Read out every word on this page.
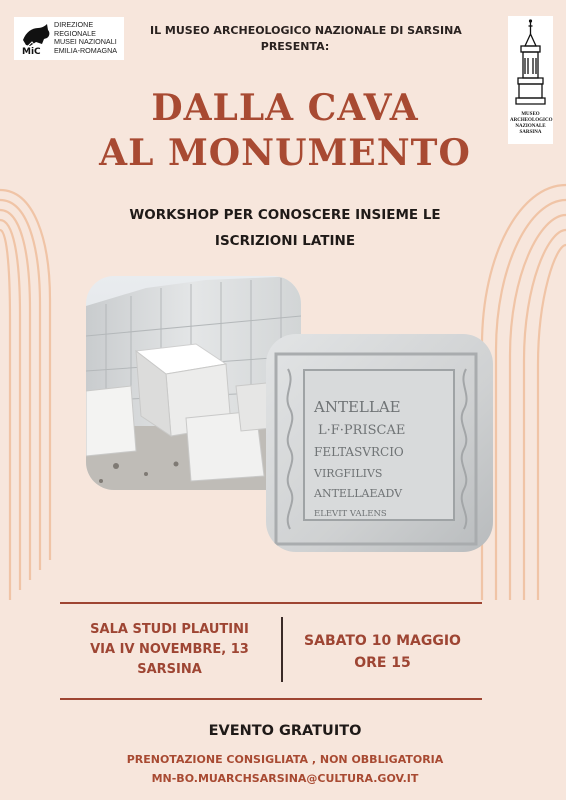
MiC
DIREZIONE
REGIONALE
MUSEI NAZIONALI
EMILIA-ROMAGNA
MUSEO
ARCHEOLOGICO
NAZIONALE
SARSINA
IL MUSEO ARCHEOLOGICO NAZIONALE DI SARSINA
PRESENTA:
DALLA CAVA
AL MONUMENTO
WORKSHOP PER CONOSCERE INSIEME LE
ISCRIZIONI LATINE
ANTELLAE
L·F·PRISCAE
FELTASVRCIO
VIRGFILIVS
ANTELLAEADV
ELEVIT VALENS
SALA STUDI PLAUTINI
VIA IV NOVEMBRE, 13
SARSINA
SABATO 10 MAGGIO
ORE 15
EVENTO GRATUITO
PRENOTAZIONE CONSIGLIATA , NON OBBLIGATORIA
MN-BO.MUARCHSARSINA@CULTURA.GOV.IT
